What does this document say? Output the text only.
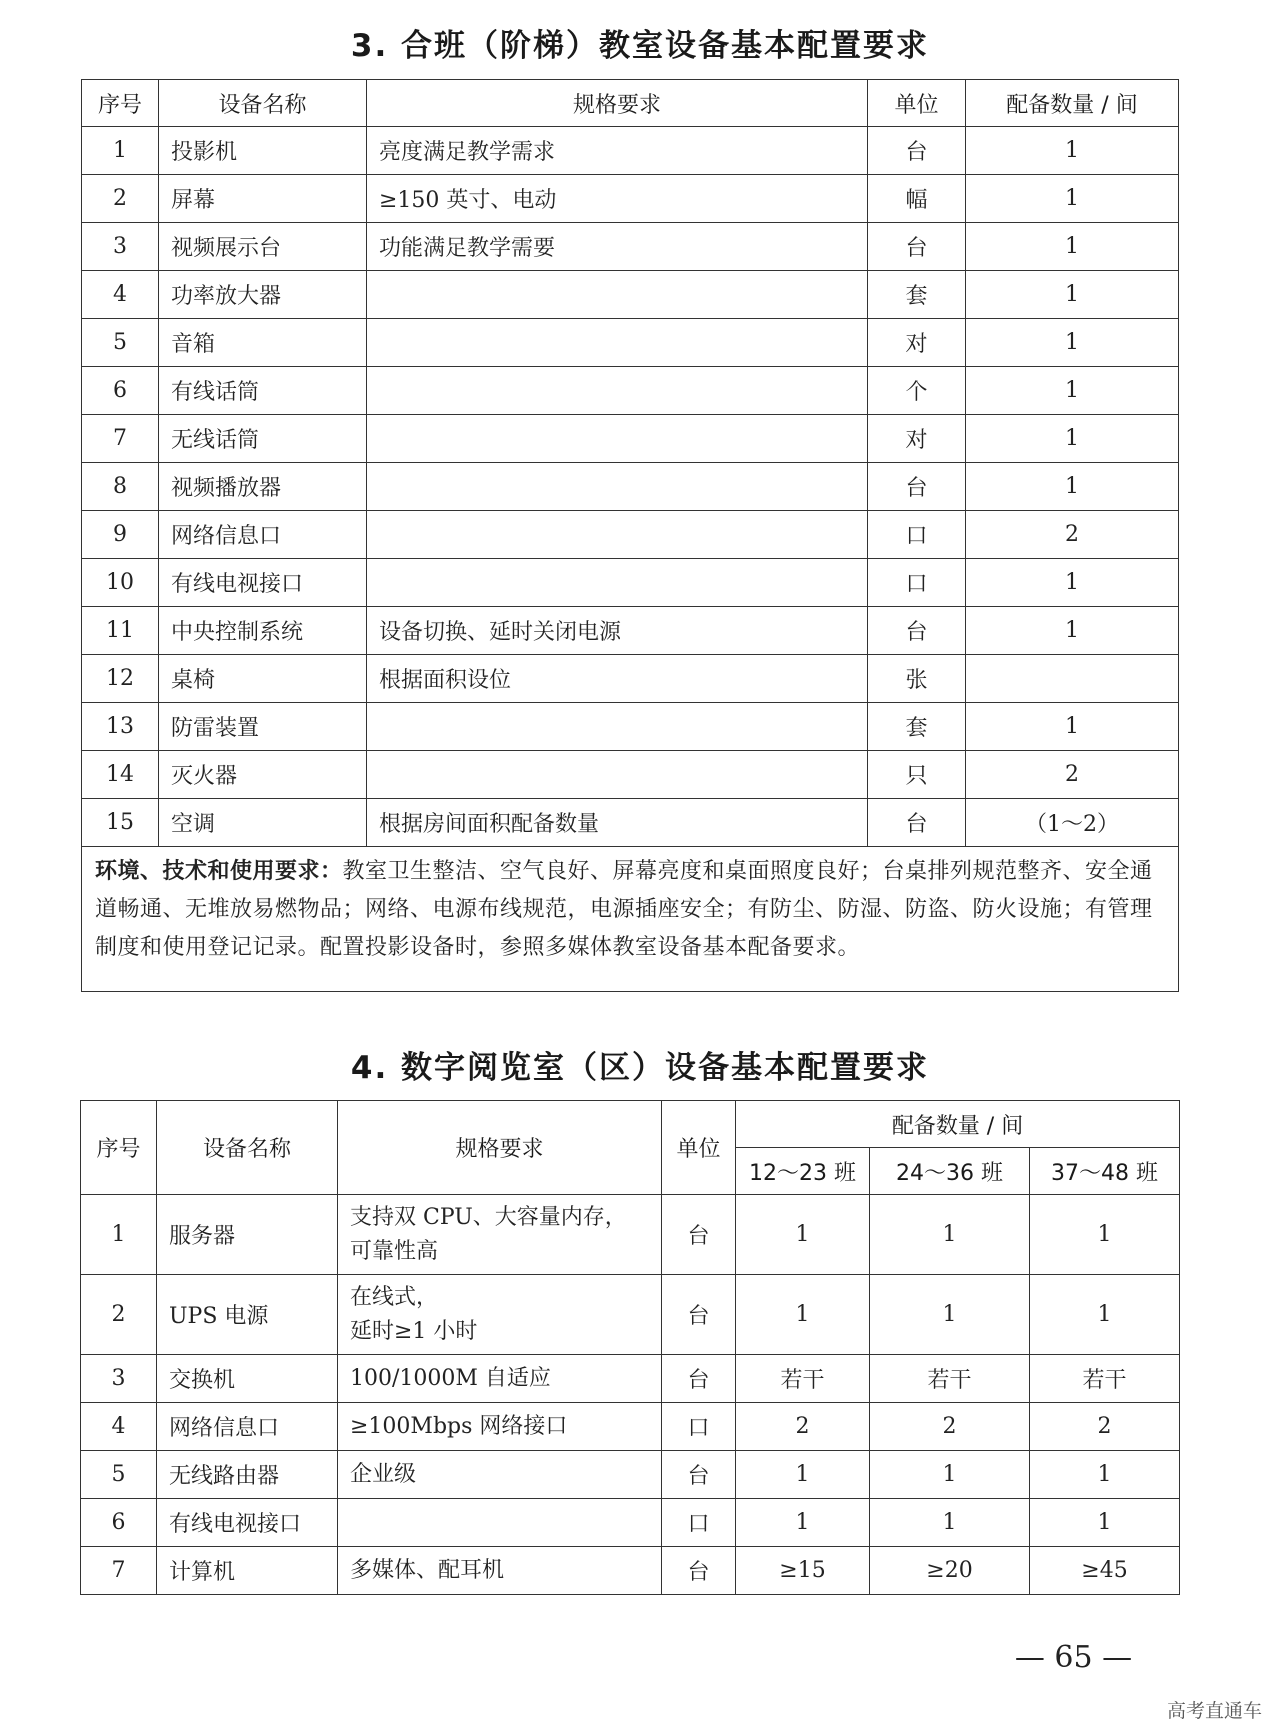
3. 合班（阶梯）教室设备基本配置要求
序号	设备名称	规格要求	单位	配备数量 / 间
1	投影机	亮度满足教学需求	台	1
2	屏幕	≥150 英寸、电动	幅	1
3	视频展示台	功能满足教学需要	台	1
4	功率放大器		套	1
5	音箱		对	1
6	有线话筒		个	1
7	无线话筒		对	1
8	视频播放器		台	1
9	网络信息口		口	2
10	有线电视接口		口	1
11	中央控制系统	设备切换、延时关闭电源	台	1
12	桌椅	根据面积设位	张	
13	防雷装置		套	1
14	灭火器		只	2
15	空调	根据房间面积配备数量	台	（1～2）
环境、技术和使用要求：教室卫生整洁、空气良好、屏幕亮度和桌面照度良好；台桌排列规范整齐、安全通道畅通、无堆放易燃物品；网络、电源布线规范，电源插座安全；有防尘、防湿、防盗、防火设施；有管理制度和使用登记记录。配置投影设备时，参照多媒体教室设备基本配备要求。				
4. 数字阅览室（区）设备基本配置要求
序号	设备名称	规格要求	单位	配备数量 / 间		
				12～23 班	24～36 班	37～48 班
1	服务器	支持双 CPU、大容量内存，
可靠性高	台	1	1	1
2	UPS 电源	在线式，
延时≥1 小时	台	1	1	1
3	交换机	100/1000M 自适应	台	若干	若干	若干
4	网络信息口	≥100Mbps 网络接口	口	2	2	2
5	无线路由器	企业级	台	1	1	1
6	有线电视接口		口	1	1	1
7	计算机	多媒体、配耳机	台	≥15	≥20	≥45
— 65 —
高考直通车
